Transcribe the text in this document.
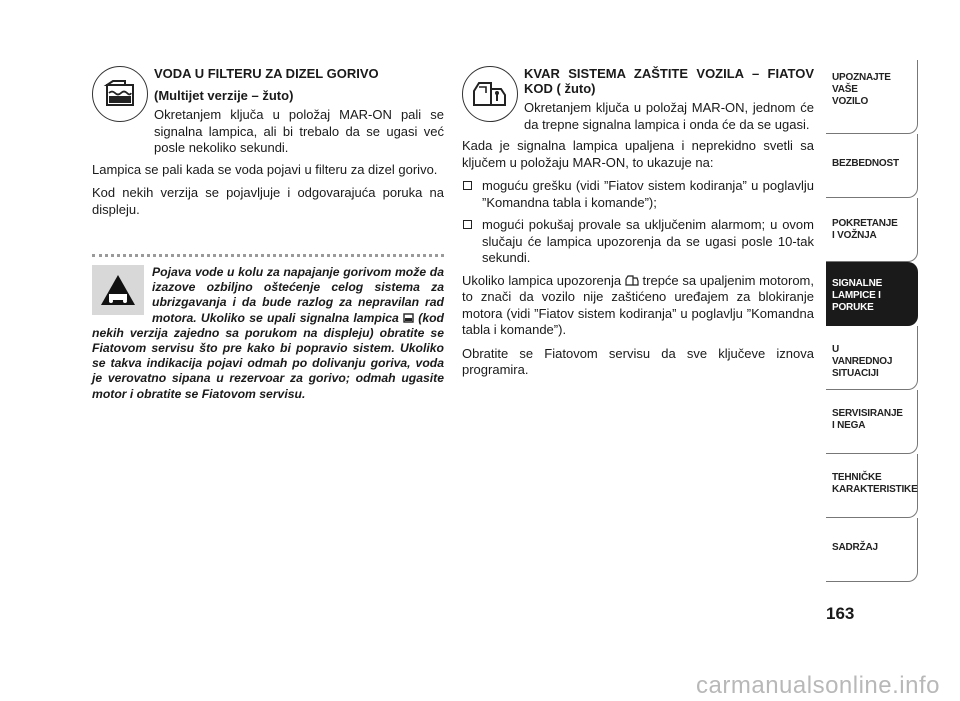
VODA U FILTERU ZA DIZEL GORIVO

(Multijet verzije – žuto)

Okretanjem ključa u položaj MAR-ON pali se signalna lampica, ali bi trebalo da se ugasi već posle nekoliko sekundi.

Lampica se pali kada se voda pojavi u filteru za dizel gorivo.

Kod nekih verzija se pojavljuje i odgovarajuća poruka na displeju.

Pojava vode u kolu za napajanje gorivom može da izazove ozbiljno oštećenje celog sistema za ubrizgavanja i da bude razlog za nepravilan rad motora. Ukoliko se upali signalna lampica  (kod nekih verzija zajedno sa porukom na displeju) obratite se Fiatovom servisu što pre kako bi popravio sistem. Ukoliko se takva indikacija pojavi odmah po dolivanju goriva, voda je verovatno sipana u rezervoar za gorivo; odmah ugasite motor i obratite se Fiatovom servisu.

KVAR SISTEMA ZAŠTITE VOZILA – FIATOV KOD ( žuto)

Okretanjem ključa u položaj MAR-ON, jednom će da trepne signalna lampica i onda će da se ugasi.

Kada je signalna lampica upaljena i neprekidno svetli sa ključem u položaju MAR-ON, to ukazuje na:

moguću grešku (vidi ”Fiatov sistem kodiranja” u poglavlju ”Komandna tabla i komande”);
mogući pokušaj provale sa uključenim alarmom; u ovom slučaju će lampica upozorenja da se ugasi posle 10-tak sekundi.

Ukoliko lampica upozorenja  trepće sa upaljenim motorom, to znači da vozilo nije zaštićeno uređajem za blokiranje motora (vidi ”Fiatov sistem kodiranja” u poglavlju ”Komandna tabla i komande”).

Obratite se Fiatovom servisu da sve ključeve iznova programira.

UPOZNAJTE VAŠE VOZILO
BEZBEDNOST
POKRETANJE I VOŽNJA
SIGNALNE LAMPICE I PORUKE
U VANREDNOJ SITUACIJI
SERVISIRANJE I NEGA
TEHNIČKE KARAKTERISTIKE
SADRŽAJ
163
carmanualsonline.info
